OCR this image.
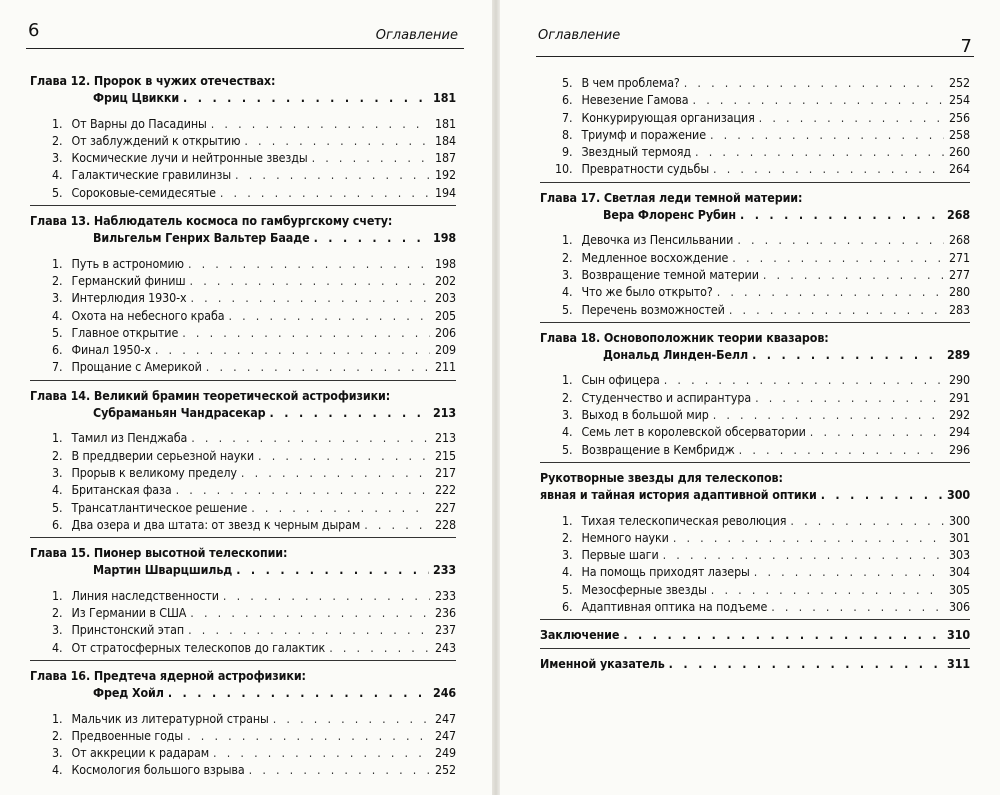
6	Оглавление
Глава 12. Пророк в чужих отечествах:
Фриц Цвикки . . .	181
1. От Варны до Пасадины . . .	181
2. От заблуждений к открытию . . .	184
3. Космические лучи и нейтронные звезды . . .	187
4. Галактические гравилинзы . . .	192
5. Сороковые-семидесятые . . .	194
Глава 13. Наблюдатель космоса по гамбургскому счету:
Вильгельм Генрих Вальтер Бааде . . .	198
1. Путь в астрономию . . .	198
2. Германский финиш . . .	202
3. Интерлюдия 1930-х . . .	203
4. Охота на небесного краба . . .	205
5. Главное открытие . . .	206
6. Финал 1950-х . . .	209
7. Прощание с Америкой . . .	211
Глава 14. Великий брамин теоретической астрофизики:
Субраманьян Чандрасекар . . .	213
1. Тамил из Пенджаба . . .	213
2. В преддверии серьезной науки . . .	215
3. Прорыв к великому пределу . . .	217
4. Британская фаза . . .	222
5. Трансатлантическое решение . . .	227
6. Два озера и два штата: от звезд к черным дырам . . .	228
Глава 15. Пионер высотной телескопии:
Мартин Шварцшильд . . .	233
1. Линия наследственности . . .	233
2. Из Германии в США . . .	236
3. Принстонский этап . . .	237
4. От стратосферных телескопов до галактик . . .	243
Глава 16. Предтеча ядерной астрофизики:
Фред Хойл . . .	246
1. Мальчик из литературной страны . . .	247
2. Предвоенные годы . . .	247
3. От аккреции к радарам . . .	249
4. Космология большого взрыва . . .	252
Оглавление
7
5. В чем проблема? . . .	252
6. Невезение Гамова . . .	254
7. Конкурирующая организация . . .	256
8. Триумф и поражение . . .	258
9. Звездный термояд . . .	260
10. Превратности судьбы . . .	264
Глава 17. Светлая леди темной материи:
Вера Флоренс Рубин . . .	268
1. Девочка из Пенсильвании . . .	268
2. Медленное восхождение . . .	271
3. Возвращение темной материи . . .	277
4. Что же было открыто? . . .	280
5. Перечень возможностей . . .	283
Глава 18. Основоположник теории квазаров:
Дональд Линден-Белл . . .	289
1. Сын офицера . . .	290
2. Студенчество и аспирантура . . .	291
3. Выход в большой мир . . .	292
4. Семь лет в королевской обсерватории . . .	294
5. Возвращение в Кембридж . . .	296
Рукотворные звезды для телескопов:
явная и тайная история адаптивной оптики . . .	300
1. Тихая телескопическая революция . . .	300
2. Немного науки . . .	301
3. Первые шаги . . .	303
4. На помощь приходят лазеры . . .	304
5. Мезосферные звезды . . .	305
6. Адаптивная оптика на подъеме . . .	306
Заключение . . .	310
Именной указатель . . .	311
